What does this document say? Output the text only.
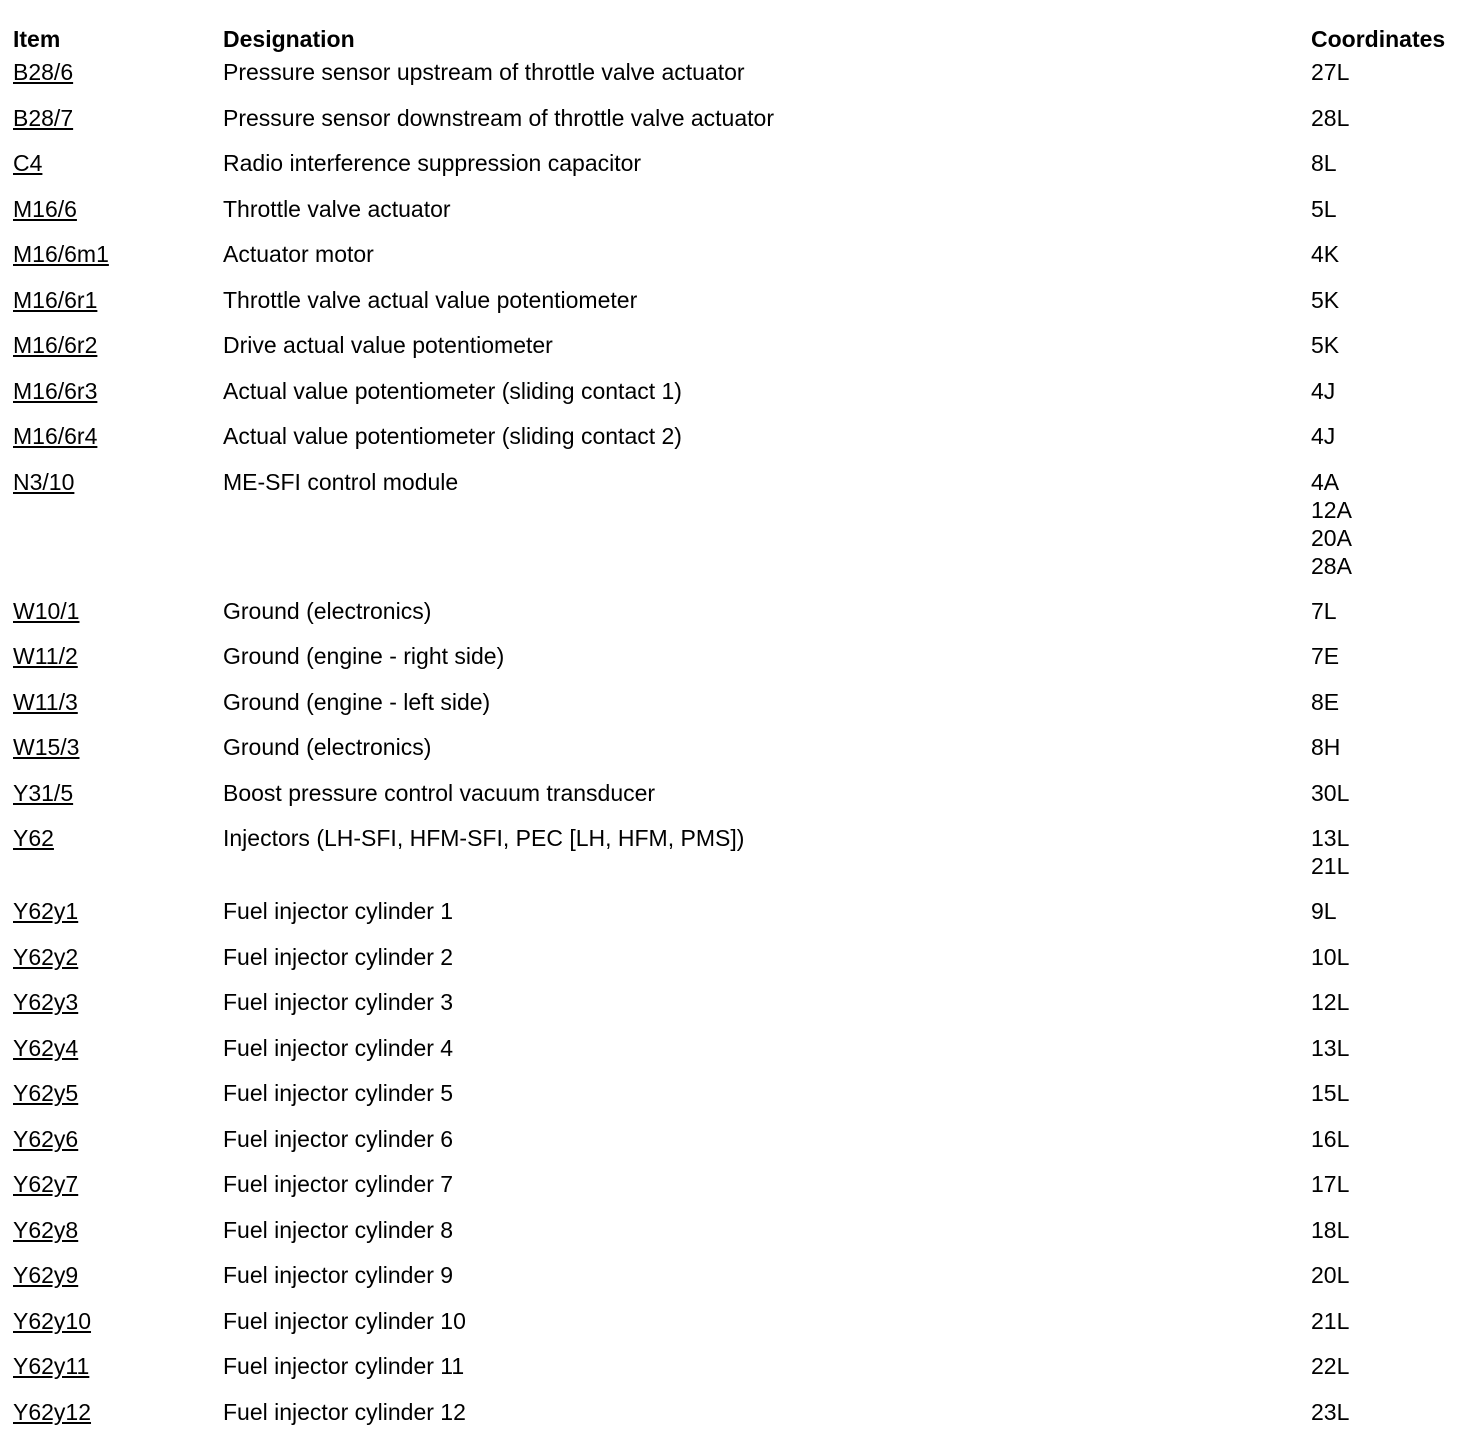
Item	Designation	Coordinates
B28/6	Pressure sensor upstream of throttle valve actuator	27L

B28/7	Pressure sensor downstream of throttle valve actuator	28L

C4	Radio interference suppression capacitor	8L

M16/6	Throttle valve actuator	5L

M16/6m1	Actuator motor	4K

M16/6r1	Throttle valve actual value potentiometer	5K

M16/6r2	Drive actual value potentiometer	5K

M16/6r3	Actual value potentiometer (sliding contact 1)	4J

M16/6r4	Actual value potentiometer (sliding contact 2)	4J

N3/10	ME-SFI control module	4A
12A
20A
28A

W10/1	Ground (electronics)	7L

W11/2	Ground (engine - right side)	7E

W11/3	Ground (engine - left side)	8E

W15/3	Ground (electronics)	8H

Y31/5	Boost pressure control vacuum transducer	30L

Y62	Injectors (LH-SFI, HFM-SFI, PEC [LH, HFM, PMS])	13L
21L

Y62y1	Fuel injector cylinder 1	9L

Y62y2	Fuel injector cylinder 2	10L

Y62y3	Fuel injector cylinder 3	12L

Y62y4	Fuel injector cylinder 4	13L

Y62y5	Fuel injector cylinder 5	15L

Y62y6	Fuel injector cylinder 6	16L

Y62y7	Fuel injector cylinder 7	17L

Y62y8	Fuel injector cylinder 8	18L

Y62y9	Fuel injector cylinder 9	20L

Y62y10	Fuel injector cylinder 10	21L

Y62y11	Fuel injector cylinder 11	22L

Y62y12	Fuel injector cylinder 12	23L
